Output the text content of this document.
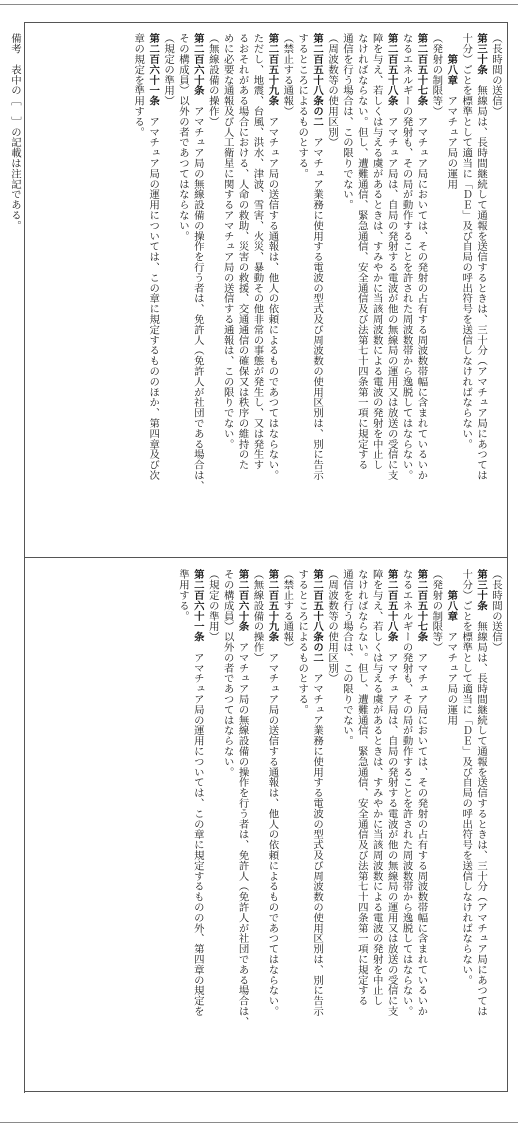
備考　表中の［　］の記載は注記である。	（長時間の送信）
第三十条　無線局は、長時間継続して通報を送信するときは、三十分（アマチュア局にあつては
十分）ごとを標準として適当に「ＤＥ」及び自局の呼出符号を送信しなければならない。
　　第八章　アマチュア局の運用
（発射の制限等）
第二百五十七条　アマチュア局においては、その発射の占有する周波数帯幅に含まれているいか
なるエネルギーの発射も、その局が動作することを許された周波数帯から逸脱してはならない。
第二百五十八条　アマチュア局は、自局の発射する電波が他の無線局の運用又は放送の受信に支
障を与え、若しくは与える虞があるときは、すみやかに当該周波数による電波の発射を中止し
なければならない。但し、遭難通信、緊急通信、安全通信及び法第七十四条第一項に規定する
通信を行う場合は、この限りでない。
（周波数等の使用区別）
第二百五十八条の二　アマチュア業務に使用する電波の型式及び周波数の使用区別は、別に告示
するところによるものとする。
（禁止する通報）
第二百五十九条　アマチュア局の送信する通報は、他人の依頼によるものであつてはならない。
ただし、地震、台風、洪水、津波、雪害、火災、暴動その他非常の事態が発生し、又は発生す
るおそれがある場合における、人命の救助、災害の救援、交通通信の確保又は秩序の維持のた
めに必要な通報及び人工衛星に関するアマチュア局の送信する通報は、この限りでない。
（無線設備の操作）
第二百六十条　アマチュア局の無線設備の操作を行う者は、免許人（免許人が社団である場合は、
その構成員）以外の者であつてはならない。
（規定の準用）
第二百六十一条　アマチュア局の運用については、この章に規定するもののほか、第四章及び次
章の規定を準用する。
（長時間の送信）
第三十条　無線局は、長時間継続して通報を送信するときは、三十分（アマチュア局にあつては
十分）ごとを標準として適当に「ＤＥ」及び自局の呼出符号を送信しなければならない。
　　第八章　アマチュア局の運用
（発射の制限等）
第二百五十七条　アマチュア局においては、その発射の占有する周波数帯幅に含まれているいか
なるエネルギーの発射も、その局が動作することを許された周波数帯から逸脱してはならない。
第二百五十八条　アマチュア局は、自局の発射する電波が他の無線局の運用又は放送の受信に支
障を与え、若しくは与える虞があるときは、すみやかに当該周波数による電波の発射を中止し
なければならない。但し、遭難通信、緊急通信、安全通信及び法第七十四条第一項に規定する
通信を行う場合は、この限りでない。
（周波数等の使用区別）
第二百五十八条の二　アマチュア業務に使用する電波の型式及び周波数の使用区別は、別に告示
するところによるものとする。
（禁止する通報）
第二百五十九条　アマチュア局の送信する通報は、他人の依頼によるものであつてはならない。
（無線設備の操作）
第二百六十条　アマチュア局の無線設備の操作を行う者は、免許人（免許人が社団である場合は、
その構成員）以外の者であつてはならない。
（規定の準用）
第二百六十一条　アマチュア局の運用については、この章に規定するものの外、第四章の規定を
準用する。
